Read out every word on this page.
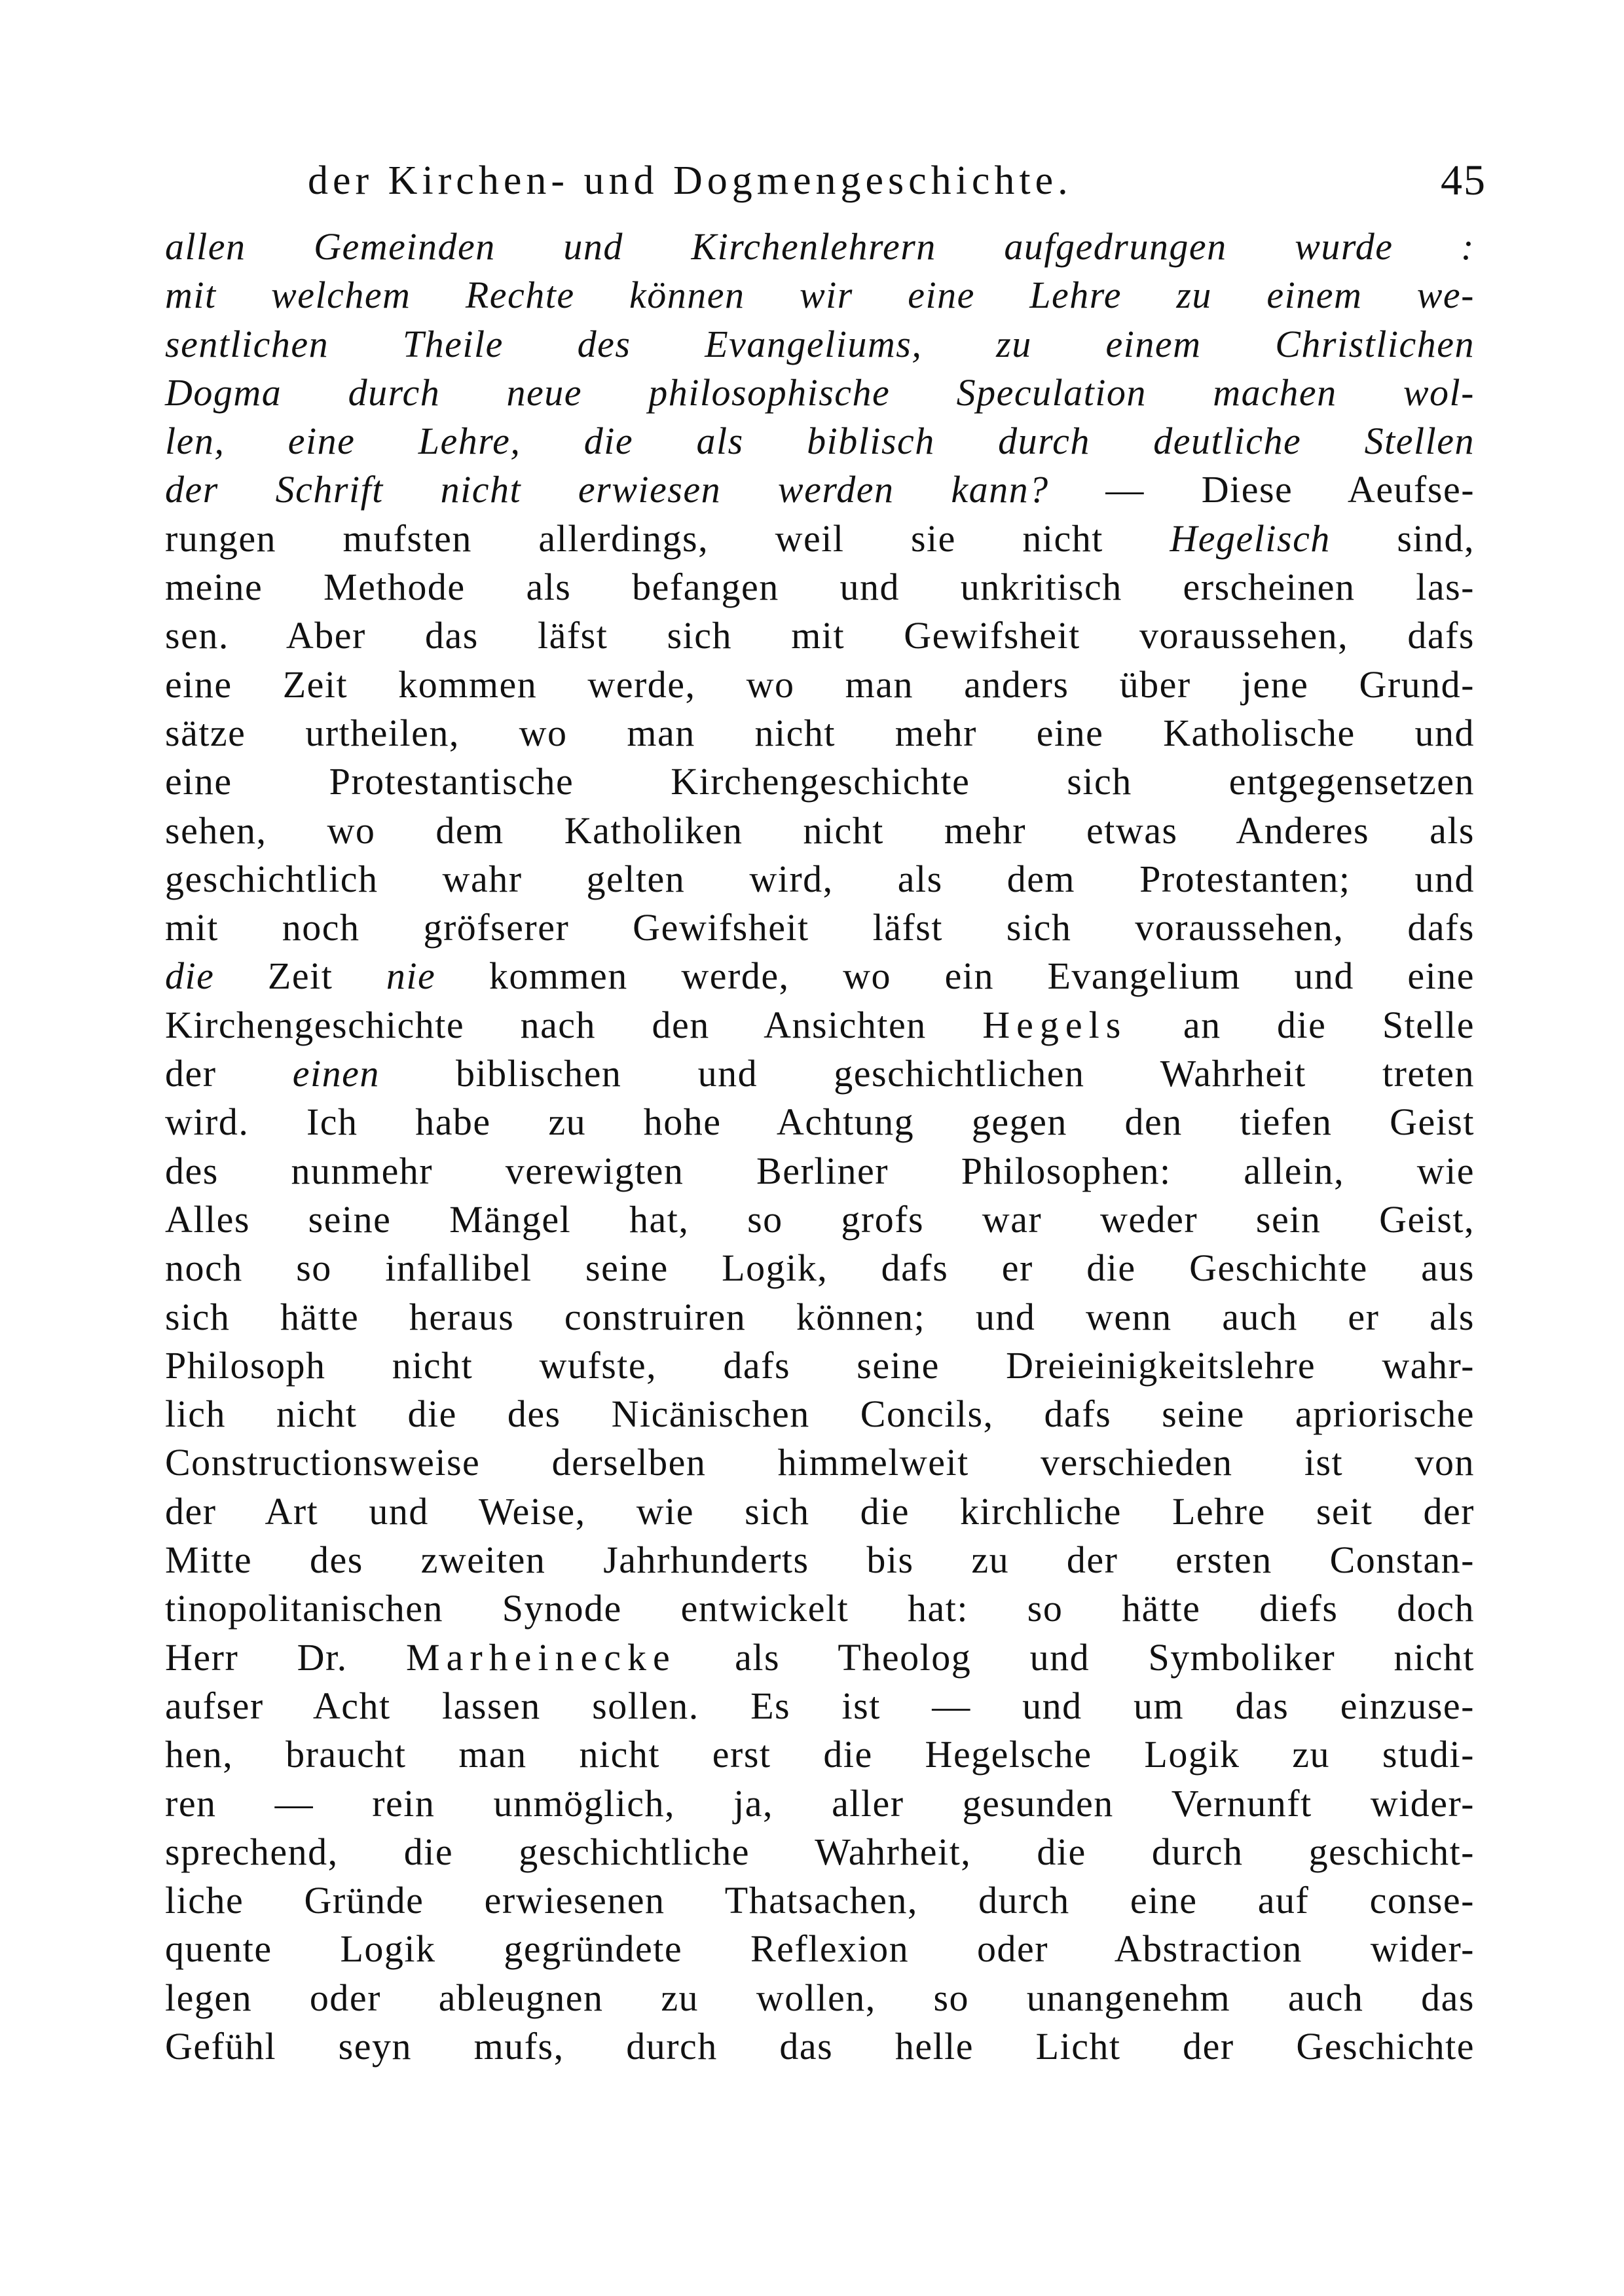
der Kirchen- und Dogmengeschichte.	45
allen Gemeinden und Kirchenlehrern aufgedrungen wurde :
mit welchem Rechte können wir eine Lehre zu einem we-
sentlichen Theile des Evangeliums, zu einem Christlichen
Dogma durch neue philosophische Speculation machen wol-
len, eine Lehre, die als biblisch durch deutliche Stellen
der Schrift nicht erwiesen werden kann? — Diese Aeufse-
rungen mufsten allerdings, weil sie nicht Hegelisch sind,
meine Methode als befangen und unkritisch erscheinen las-
sen. Aber das läfst sich mit Gewifsheit voraussehen, dafs
eine Zeit kommen werde, wo man anders über jene Grund-
sätze urtheilen, wo man nicht mehr eine Katholische und
eine Protestantische Kirchengeschichte sich entgegensetzen
sehen, wo dem Katholiken nicht mehr etwas Anderes als
geschichtlich wahr gelten wird, als dem Protestanten; und
mit noch gröfserer Gewifsheit läfst sich voraussehen, dafs
die Zeit nie kommen werde, wo ein Evangelium und eine
Kirchengeschichte nach den Ansichten Hegels an die Stelle
der einen biblischen und geschichtlichen Wahrheit treten
wird. Ich habe zu hohe Achtung gegen den tiefen Geist
des nunmehr verewigten Berliner Philosophen: allein, wie
Alles seine Mängel hat, so grofs war weder sein Geist,
noch so infallibel seine Logik, dafs er die Geschichte aus
sich hätte heraus construiren können; und wenn auch er als
Philosoph nicht wufste, dafs seine Dreieinigkeitslehre wahr-
lich nicht die des Nicänischen Concils, dafs seine apriorische
Constructionsweise derselben himmelweit verschieden ist von
der Art und Weise, wie sich die kirchliche Lehre seit der
Mitte des zweiten Jahrhunderts bis zu der ersten Constan-
tinopolitanischen Synode entwickelt hat: so hätte diefs doch
Herr Dr. Marheinecke als Theolog und Symboliker nicht
aufser Acht lassen sollen. Es ist — und um das einzuse-
hen, braucht man nicht erst die Hegelsche Logik zu studi-
ren — rein unmöglich, ja, aller gesunden Vernunft wider-
sprechend, die geschichtliche Wahrheit, die durch geschicht-
liche Gründe erwiesenen Thatsachen, durch eine auf conse-
quente Logik gegründete Reflexion oder Abstraction wider-
legen oder ableugnen zu wollen, so unangenehm auch das
Gefühl seyn mufs, durch das helle Licht der Geschichte
